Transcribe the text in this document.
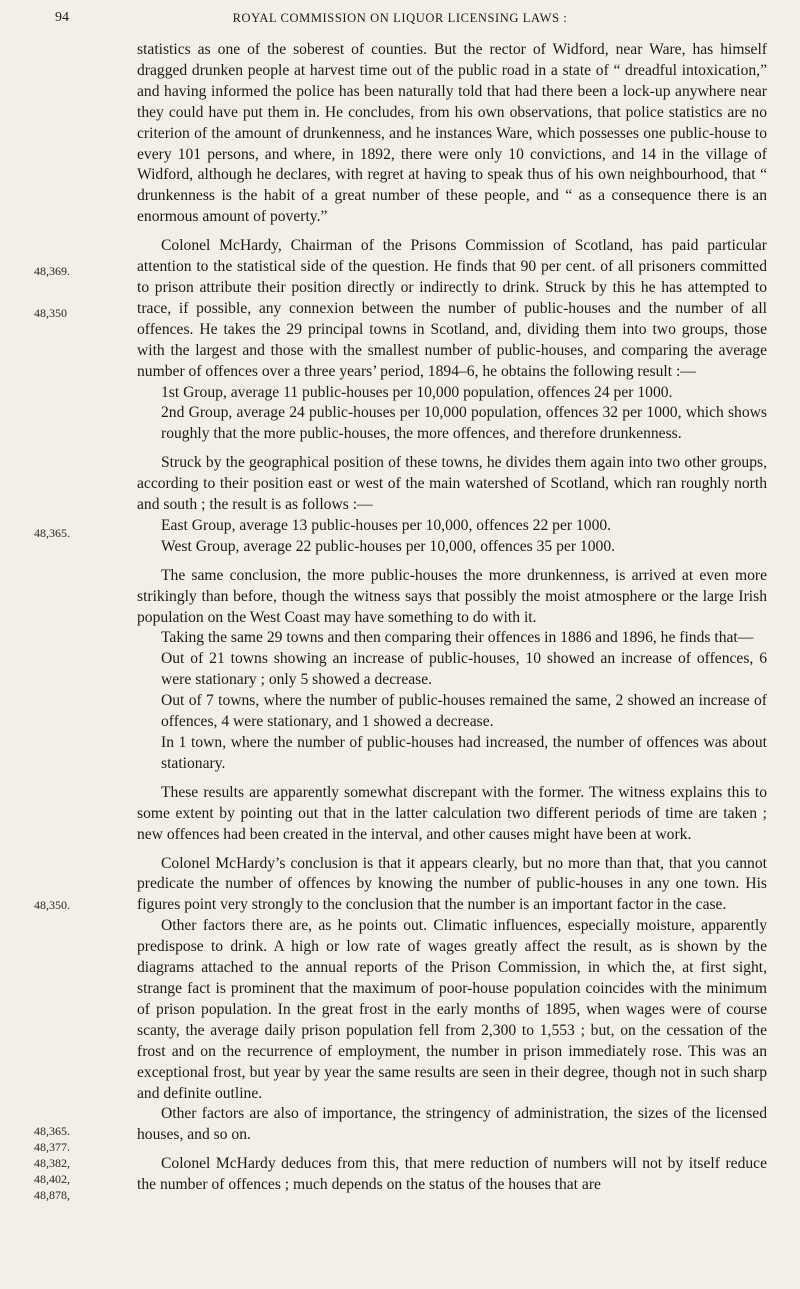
94	ROYAL COMMISSION ON LIQUOR LICENSING LAWS :
48,369.
48,350
48,365.
48,350.
48,365.
48,377.
48,382,
48,402,
48,878,

statistics as one of the soberest of counties. But the rector of Widford, near Ware, has himself dragged drunken people at harvest time out of the public road in a state of “ dreadful intoxication,” and having informed the police has been naturally told that had there been a lock-up anywhere near they could have put them in. He concludes, from his own observations, that police statistics are no criterion of the amount of drunkenness, and he instances Ware, which possesses one public-house to every 101 persons, and where, in 1892, there were only 10 convictions, and 14 in the village of Widford, although he declares, with regret at having to speak thus of his own neighbourhood, that “ drunkenness is the habit of a great number of these people, and “ as a consequence there is an enormous amount of poverty.”

Colonel McHardy, Chairman of the Prisons Commission of Scotland, has paid particular attention to the statistical side of the question. He finds that 90 per cent. of all prisoners committed to prison attribute their position directly or indirectly to drink. Struck by this he has attempted to trace, if possible, any connexion between the number of public-houses and the number of all offences. He takes the 29 principal towns in Scotland, and, dividing them into two groups, those with the largest and those with the smallest number of public-houses, and comparing the average number of offences over a three years’ period, 1894–6, he obtains the following result :—

1st Group, average 11 public-houses per 10,000 population, offences 24 per 1000.

2nd Group, average 24 public-houses per 10,000 population, offences 32 per 1000, which shows roughly that the more public-houses, the more offences, and therefore drunkenness.

Struck by the geographical position of these towns, he divides them again into two other groups, according to their position east or west of the main watershed of Scotland, which ran roughly north and south ; the result is as follows :—

East Group, average 13 public-houses per 10,000, offences 22 per 1000.

West Group, average 22 public-houses per 10,000, offences 35 per 1000.

The same conclusion, the more public-houses the more drunkenness, is arrived at even more strikingly than before, though the witness says that possibly the moist atmosphere or the large Irish population on the West Coast may have something to do with it.

Taking the same 29 towns and then comparing their offences in 1886 and 1896, he finds that—

Out of 21 towns showing an increase of public-houses, 10 showed an increase of offences, 6 were stationary ; only 5 showed a decrease.

Out of 7 towns, where the number of public-houses remained the same, 2 showed an increase of offences, 4 were stationary, and 1 showed a decrease.

In 1 town, where the number of public-houses had increased, the number of offences was about stationary.

These results are apparently somewhat discrepant with the former. The witness explains this to some extent by pointing out that in the latter calculation two different periods of time are taken ; new offences had been created in the interval, and other causes might have been at work.

Colonel McHardy’s conclusion is that it appears clearly, but no more than that, that you cannot predicate the number of offences by knowing the number of public-houses in any one town. His figures point very strongly to the conclusion that the number is an important factor in the case.

Other factors there are, as he points out. Climatic influences, especially moisture, apparently predispose to drink. A high or low rate of wages greatly affect the result, as is shown by the diagrams attached to the annual reports of the Prison Commission, in which the, at first sight, strange fact is prominent that the maximum of poor-house population coincides with the minimum of prison population. In the great frost in the early months of 1895, when wages were of course scanty, the average daily prison population fell from 2,300 to 1,553 ; but, on the cessation of the frost and on the recurrence of employment, the number in prison immediately rose. This was an exceptional frost, but year by year the same results are seen in their degree, though not in such sharp and definite outline.

Other factors are also of importance, the stringency of administration, the sizes of the licensed houses, and so on.

Colonel McHardy deduces from this, that mere reduction of numbers will not by itself reduce the number of offences ; much depends on the status of the houses that are
